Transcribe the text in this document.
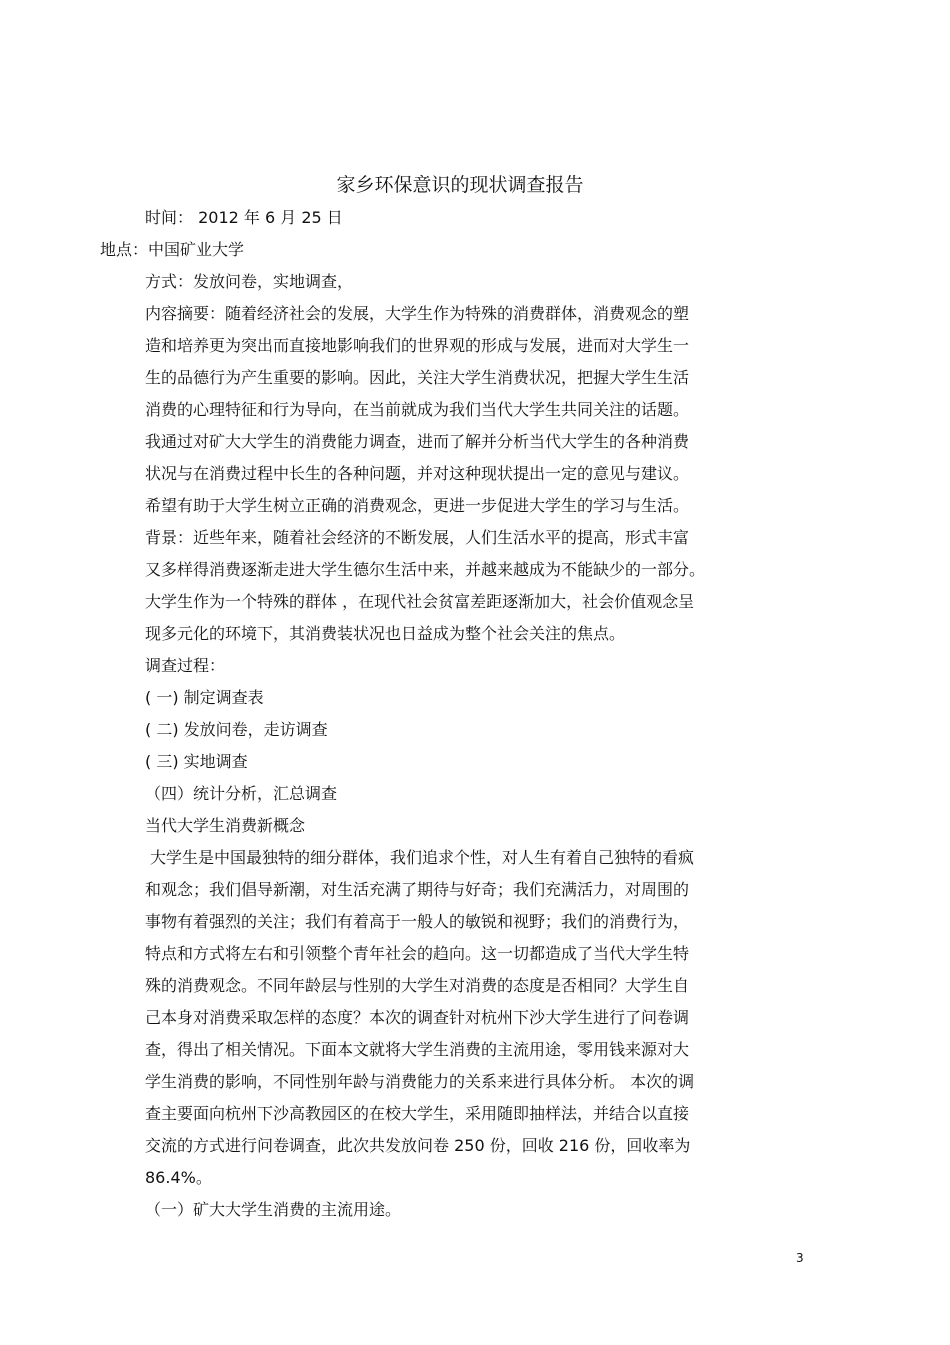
家乡环保意识的现状调查报告
时间： 2012 年 6 月 25 日
地点：中国矿业大学
方式：发放问卷，实地调查，
内容摘要：随着经济社会的发展，大学生作为特殊的消费群体，消费观念的塑
造和培养更为突出而直接地影响我们的世界观的形成与发展，进而对大学生一
生的品德行为产生重要的影响。因此，关注大学生消费状况，把握大学生生活
消费的心理特征和行为导向，在当前就成为我们当代大学生共同关注的话题。
我通过对矿大大学生的消费能力调查，进而了解并分析当代大学生的各种消费
状况与在消费过程中长生的各种问题，并对这种现状提出一定的意见与建议。
希望有助于大学生树立正确的消费观念，更进一步促进大学生的学习与生活。
背景：近些年来，随着社会经济的不断发展，人们生活水平的提高，形式丰富
又多样得消费逐渐走进大学生德尔生活中来，并越来越成为不能缺少的一部分。
大学生作为一个特殊的群体 ，在现代社会贫富差距逐渐加大，社会价值观念呈
现多元化的环境下，其消费装状况也日益成为整个社会关注的焦点。
调查过程：
( 一) 制定调查表
( 二) 发放问卷，走访调查
( 三) 实地调查
（四）统计分析，汇总调查
当代大学生消费新概念
大学生是中国最独特的细分群体，我们追求个性，对人生有着自己独特的看疯
和观念；我们倡导新潮，对生活充满了期待与好奇；我们充满活力，对周围的
事物有着强烈的关注；我们有着高于一般人的敏锐和视野；我们的消费行为，
特点和方式将左右和引领整个青年社会的趋向。这一切都造成了当代大学生特
殊的消费观念。不同年龄层与性别的大学生对消费的态度是否相同？大学生自
己本身对消费采取怎样的态度？本次的调查针对杭州下沙大学生进行了问卷调
查，得出了相关情况。下面本文就将大学生消费的主流用途，零用钱来源对大
学生消费的影响，不同性别年龄与消费能力的关系来进行具体分析。 本次的调
查主要面向杭州下沙高教园区的在校大学生，采用随即抽样法，并结合以直接
交流的方式进行问卷调查，此次共发放问卷 250 份，回收 216 份，回收率为
86.4%。
（一）矿大大学生消费的主流用途。
3
